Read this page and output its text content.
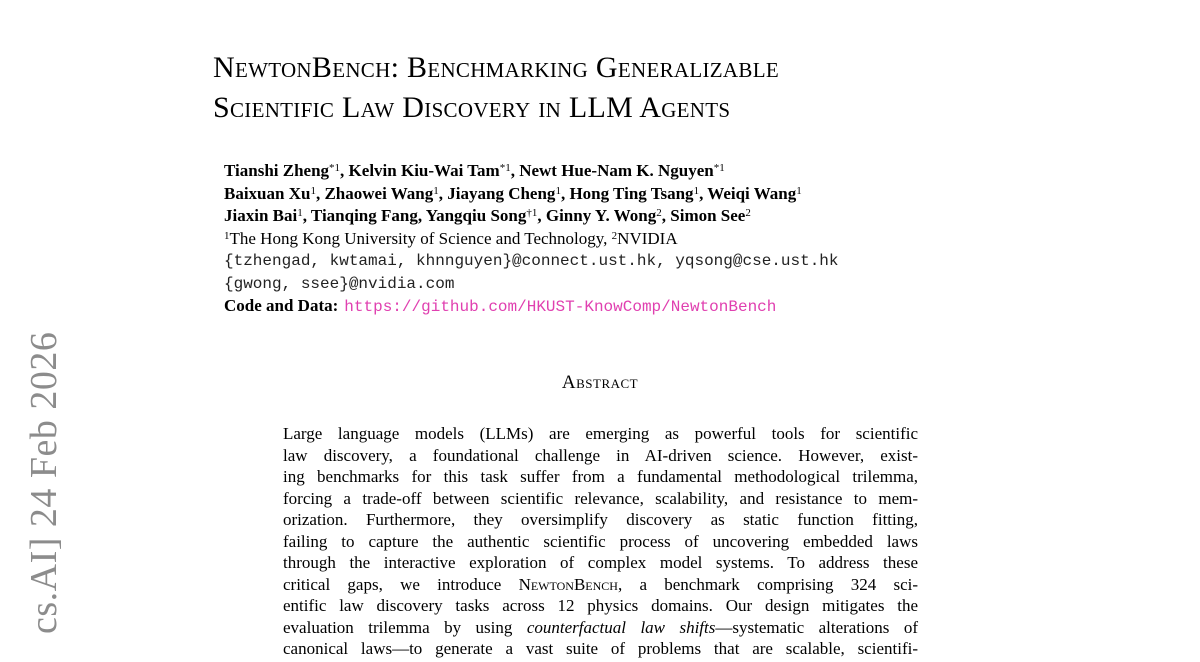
cs.AI] 24 Feb 2026
NewtonBench: Benchmarking Generalizable
Scientific Law Discovery in LLM Agents
Tianshi Zheng$^{*1}$, Kelvin Kiu-Wai Tam$^{*1}$, Newt Hue-Nam K. Nguyen$^{*1}$
Baixuan Xu$^1$, Zhaowei Wang$^1$, Jiayang Cheng$^1$, Hong Ting Tsang$^1$, Weiqi Wang$^1$
Jiaxin Bai$^1$, Tianqing Fang, Yangqiu Song$^{\dagger 1}$, Ginny Y. Wong$^2$, Simon See$^2$
$^1$The Hong Kong University of Science and Technology, $^2$NVIDIA
{tzhengad, kwtamai, khnnguyen}@connect.ust.hk, yqsong@cse.ust.hk
{gwong, ssee}@nvidia.com
Code and Data: https://github.com/HKUST-KnowComp/NewtonBench
Abstract
Large language models (LLMs) are emerging as powerful tools for scientific
law discovery, a foundational challenge in AI-driven science. However, exist-
ing benchmarks for this task suffer from a fundamental methodological trilemma,
forcing a trade-off between scientific relevance, scalability, and resistance to mem-
orization. Furthermore, they oversimplify discovery as static function fitting,
failing to capture the authentic scientific process of uncovering embedded laws
through the interactive exploration of complex model systems. To address these
critical gaps, we introduce NewtonBench, a benchmark comprising 324 sci-
entific law discovery tasks across 12 physics domains. Our design mitigates the
evaluation trilemma by using counterfactual law shifts—systematic alterations of
canonical laws—to generate a vast suite of problems that are scalable, scientifi-
